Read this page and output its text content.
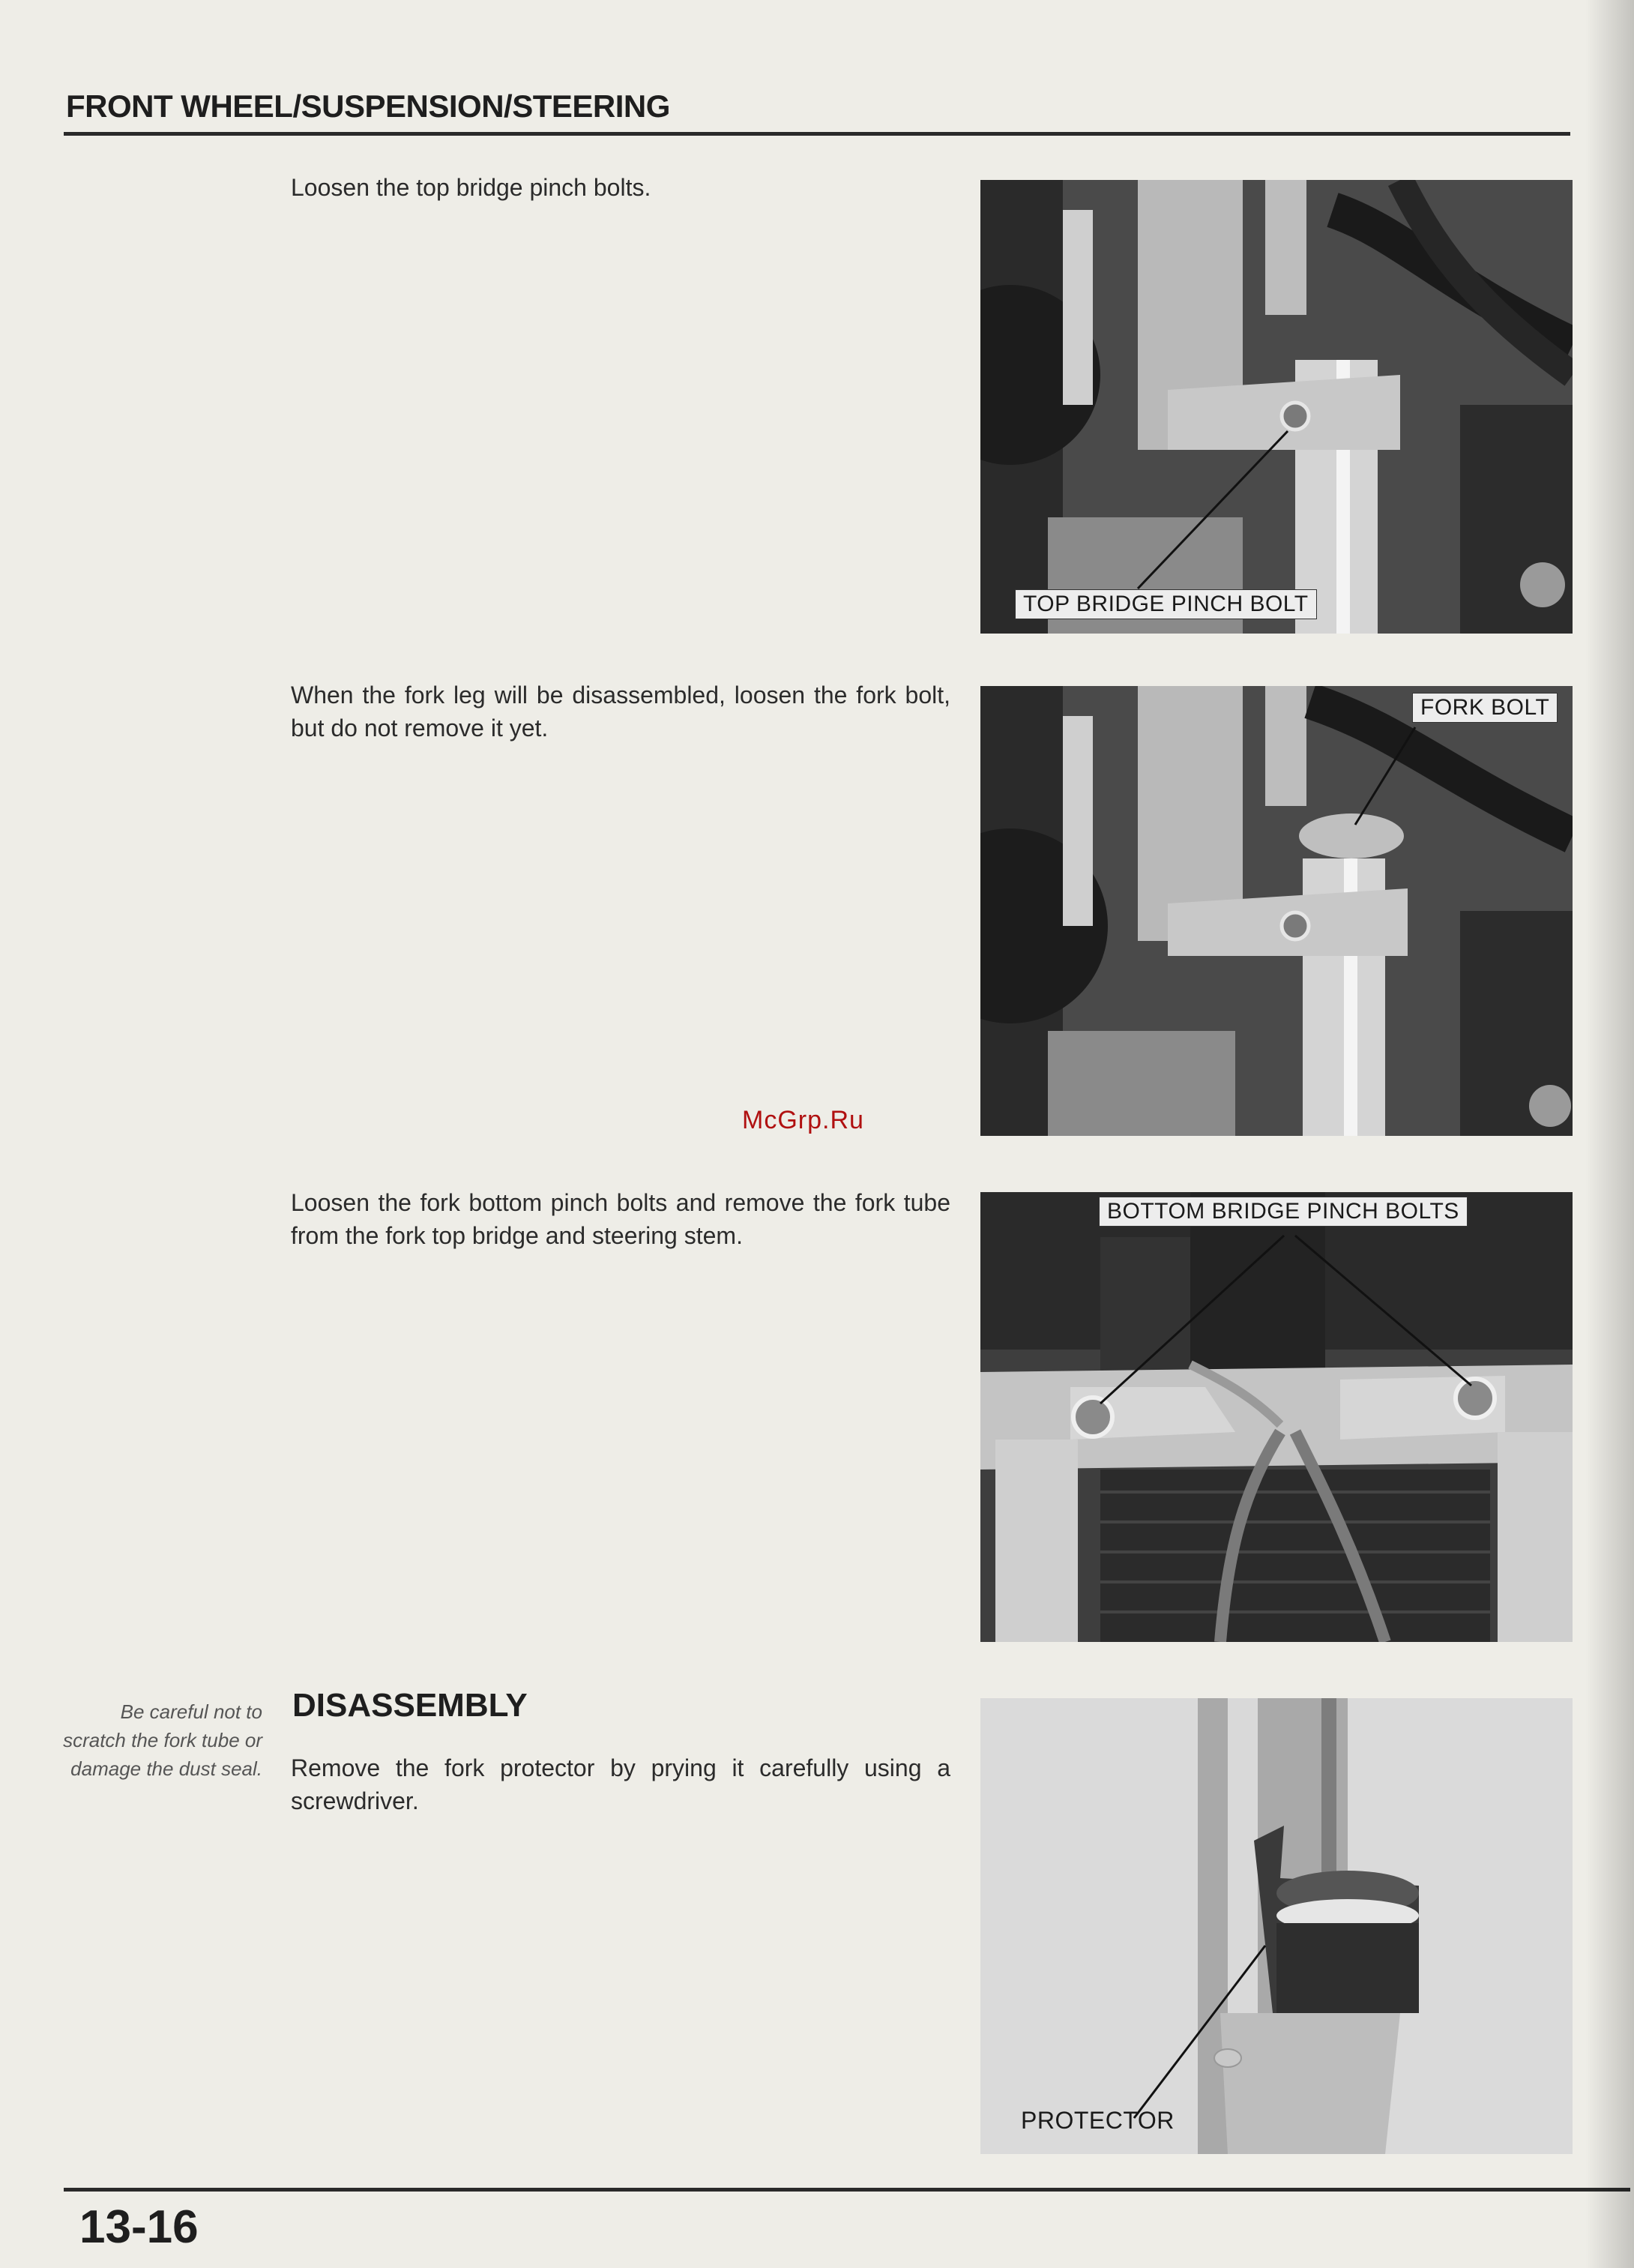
FRONT WHEEL/SUSPENSION/STEERING
Loosen the top bridge pinch bolts.
TOP BRIDGE PINCH BOLT
When the fork leg will be disassembled, loosen the fork bolt, but do not remove it yet.
FORK BOLT
McGrp.Ru
Loosen the fork bottom pinch bolts and remove the fork tube from the fork top bridge and steering stem.
BOTTOM BRIDGE PINCH BOLTS
Be careful not to scratch the fork tube or damage the dust seal.
DISASSEMBLY
Remove the fork protector by prying it carefully using a screwdriver.
PROTECTOR
13-16
